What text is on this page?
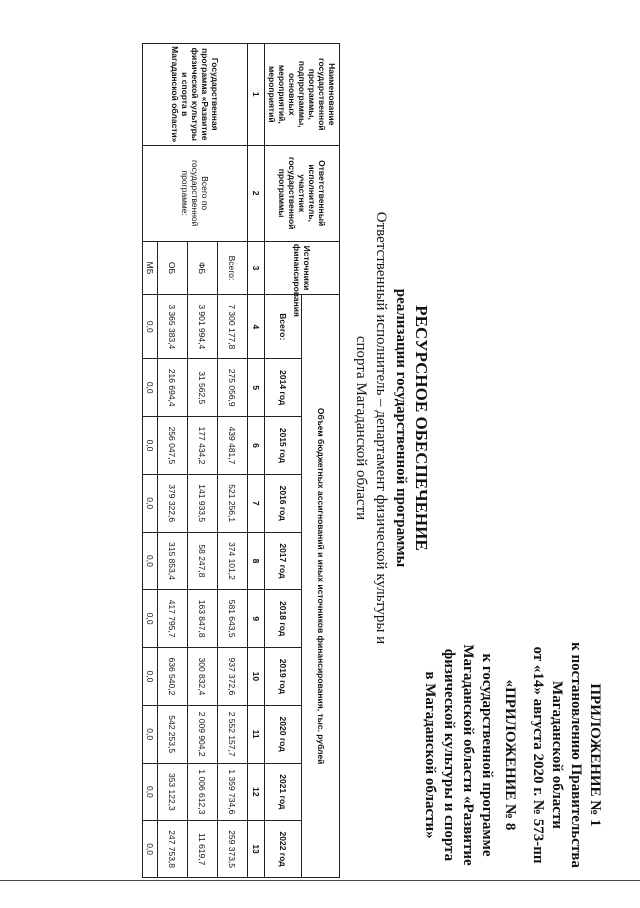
ПРИЛОЖЕНИЕ № 1
к постановлению Правительства
Магаданской области
от «14» августа 2020 г. № 573-пп
«ПРИЛОЖЕНИЕ № 8
к государственной программе
Магаданской области «Развитие
физической культуры и спорта
в Магаданской области»
РЕСУРСНОЕ ОБЕСПЕЧЕНИЕ
реализации государственной программы
Ответственный исполнитель – департамент физической культуры и спорта Магаданской области
Наименование государственной программы, подпрограммы, основных мероприятий, мероприятий	Ответственный исполнитель, участник государственной программы	Источники финансирования	Объем бюджетных ассигнований и иных источников финансирования, тыс. рублей									
			Всего:	2014 год	2015 год	2016 год	2017 год	2018 год	2019 год	2020 год	2021 год	2022 год
1	2	3	4	5	6	7	8	9	10	11	12	13
Государственная программа «Развитие физической культуры и спорта в Магаданской области»	Всего по государственной программе:	Всего:	7 300 177,8	275 056,9	439 481,7	521 256,1	374 101,2	581 643,5	937 372,6	2 552 157,7	1 359 734,6	259 373,5
		ФБ	3 901 994,4	31 562,5	177 434,2	141 933,5	58 247,8	163 847,8	300 832,4	2 009 904,2	1 006 612,3	11 619,7
		ОБ	3 365 383,4	216 694,4	256 047,5	379 322,6	315 853,4	417 795,7	636 540,2	542 253,5	353 122,3	247 753,8
		МБ	0,0	0,0	0,0	0,0	0,0	0,0	0,0	0,0	0,0	0,0
